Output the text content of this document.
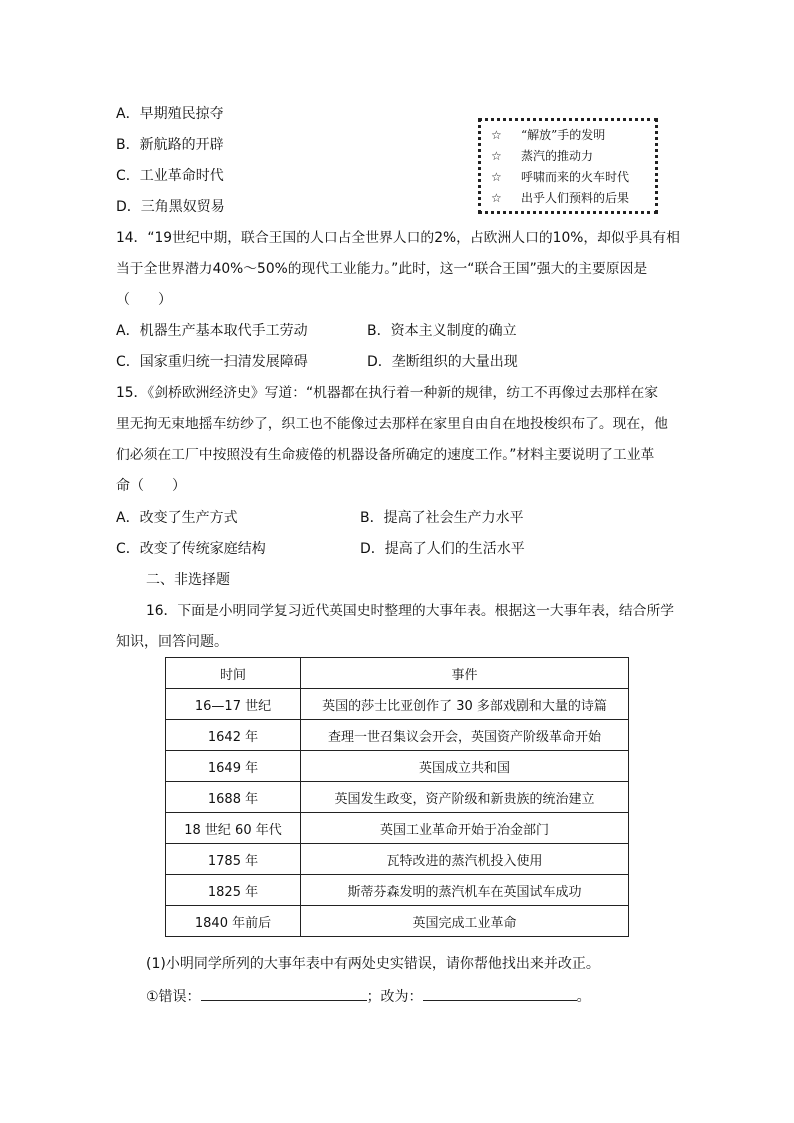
A．早期殖民掠夺
B．新航路的开辟
C．工业革命时代
D．三角黑奴贸易
☆ “解放”手的发明
☆ 蒸汽的推动力
☆ 呼啸而来的火车时代
☆ 出乎人们预料的后果
14．“19世纪中期，联合王国的人口占全世界人口的2%，占欧洲人口的10%，却似乎具有相
当于全世界潜力40%～50%的现代工业能力。”此时，这一“联合王国”强大的主要原因是
（　　）
A．机器生产基本取代手工劳动	B．资本主义制度的确立
C．国家重归统一扫清发展障碍	D．垄断组织的大量出现
15．《剑桥欧洲经济史》写道：“机器都在执行着一种新的规律，纺工不再像过去那样在家
里无拘无束地摇车纺纱了，织工也不能像过去那样在家里自由自在地投梭织布了。现在，他
们必须在工厂中按照没有生命疲倦的机器设备所确定的速度工作。”材料主要说明了工业革
命（　　）
A．改变了生产方式	B．提高了社会生产力水平
C．改变了传统家庭结构	D．提高了人们的生活水平
二、非选择题
16．下面是小明同学复习近代英国史时整理的大事年表。根据这一大事年表，结合所学
知识，回答问题。
时间	事件
16—17 世纪	英国的莎士比亚创作了 30 多部戏剧和大量的诗篇
1642 年	查理一世召集议会开会，英国资产阶级革命开始
1649 年	英国成立共和国
1688 年	英国发生政变，资产阶级和新贵族的统治建立
18 世纪 60 年代	英国工业革命开始于冶金部门
1785 年	瓦特改进的蒸汽机投入使用
1825 年	斯蒂芬森发明的蒸汽机车在英国试车成功
1840 年前后	英国完成工业革命
(1)小明同学所列的大事年表中有两处史实错误，请你帮他找出来并改正。
①错误：	；改为：	。
